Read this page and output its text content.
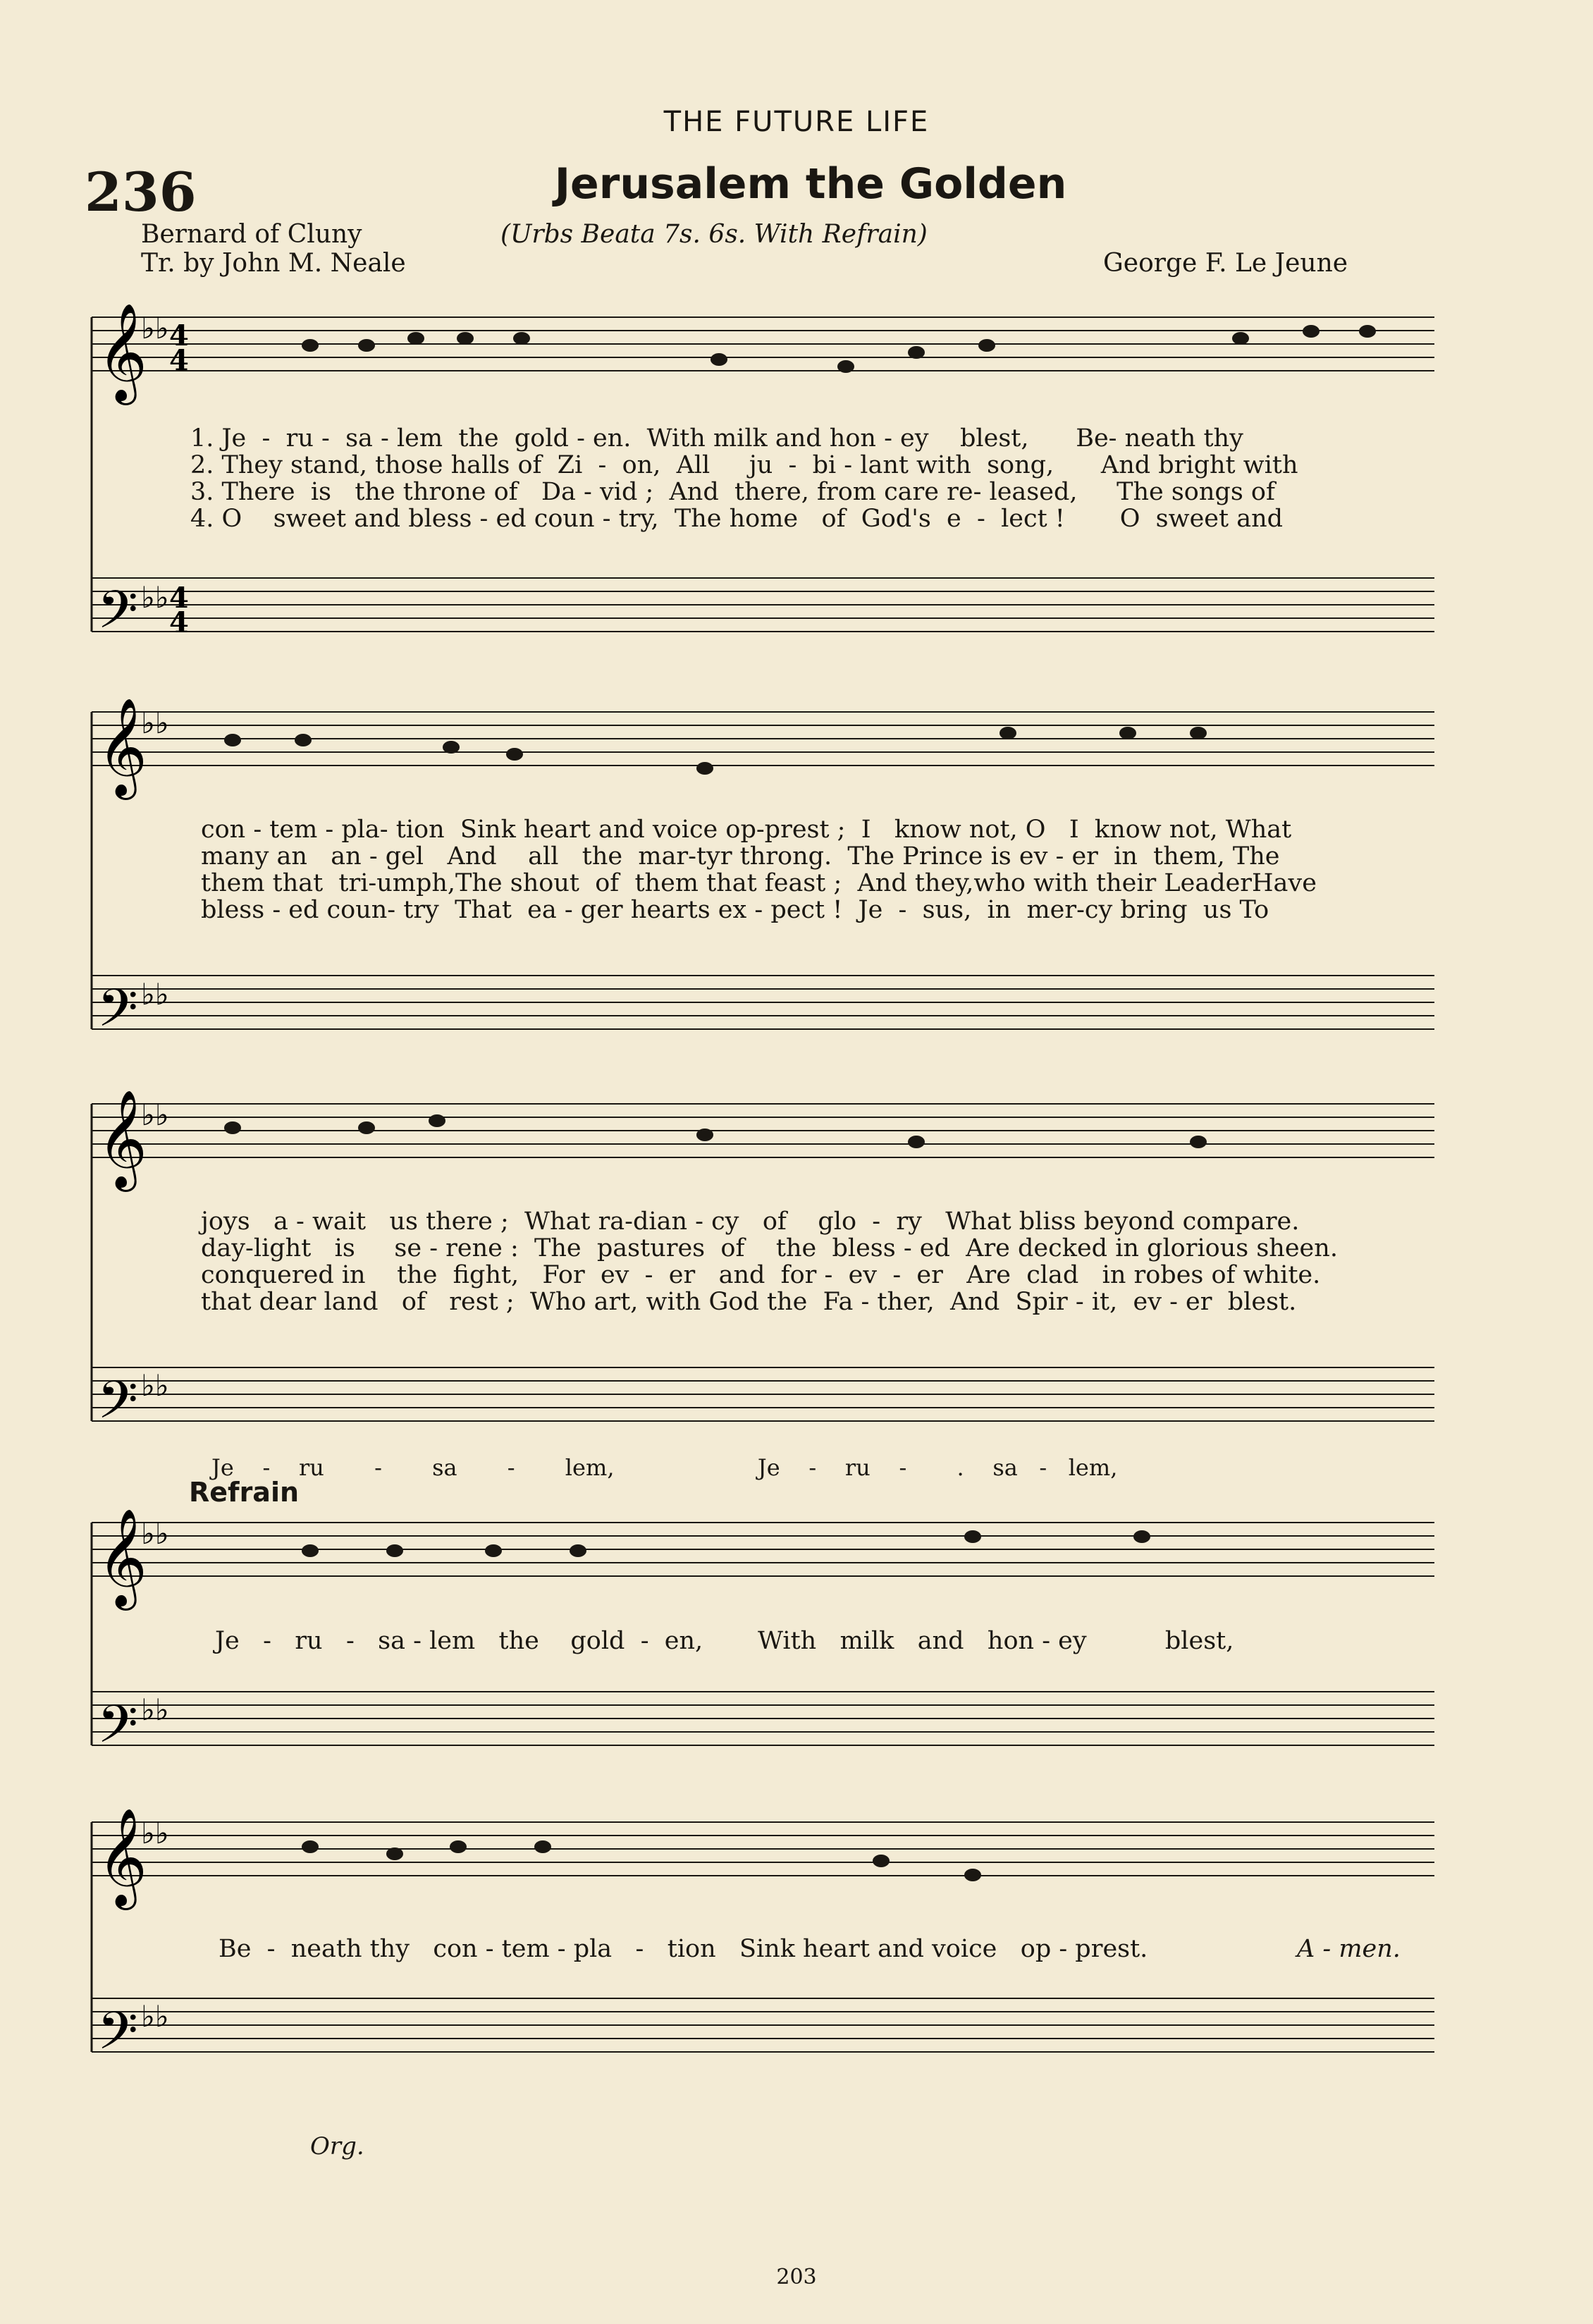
THE FUTURE LIFE
236	Jerusalem the Golden
Bernard of Cluny
Tr. by John M. Neale
(Urbs Beata 7s. 6s. With Refrain)
George F. Le Jeune
𝄞
𝄢
4
4
4
4
♭♭
♭♭
𝄞
𝄢
♭♭
♭♭
𝄞
𝄢
♭♭
♭♭
𝄞
𝄢
♭♭
♭♭
𝄞
𝄢
♭♭
♭♭
1. Je  -  ru -  sa - lem  the  gold - en.  With milk and hon - ey    blest,      Be- neath thy
2. They stand, those halls of  Zi  -  on,  All     ju  -  bi - lant with  song,      And bright with
3. There  is   the throne of   Da - vid ;  And  there, from care re- leased,     The songs of
4. O    sweet and bless - ed coun - try,  The home   of  God's  e  -  lect !       O  sweet and
con - tem - pla- tion  Sink heart and voice op-prest ;  I   know not, O   I  know not, What
many an   an - gel   And    all   the  mar-tyr throng.  The Prince is ev - er  in  them, The
them that  tri-umph,The shout  of  them that feast ;  And they,who with their LeaderHave
bless - ed coun- try  That  ea - ger hearts ex - pect !  Je  -  sus,  in  mer-cy bring  us To
joys   a - wait   us there ;  What ra-dian - cy   of    glo  -  ry   What bliss beyond compare.
day-light   is     se - rene :  The  pastures  of    the  bless - ed  Are decked in glorious sheen.
conquered in    the  fight,   For  ev  -  er   and  for -  ev  -  er   Are  clad   in robes of white.
that dear land   of   rest ;  Who art, with God the  Fa - ther,  And  Spir - it,  ev - er  blest.
Je    -    ru       -       sa       -       lem,                    Je    -    ru    -       .    sa   -   lem,
Refrain
Je   -   ru   -   sa - lem   the    gold  -  en,       With   milk   and   hon - ey          blest,
Be  -  neath thy   con - tem - pla   -   tion   Sink heart and voice   op - prest.	A - men.
Org.
203
